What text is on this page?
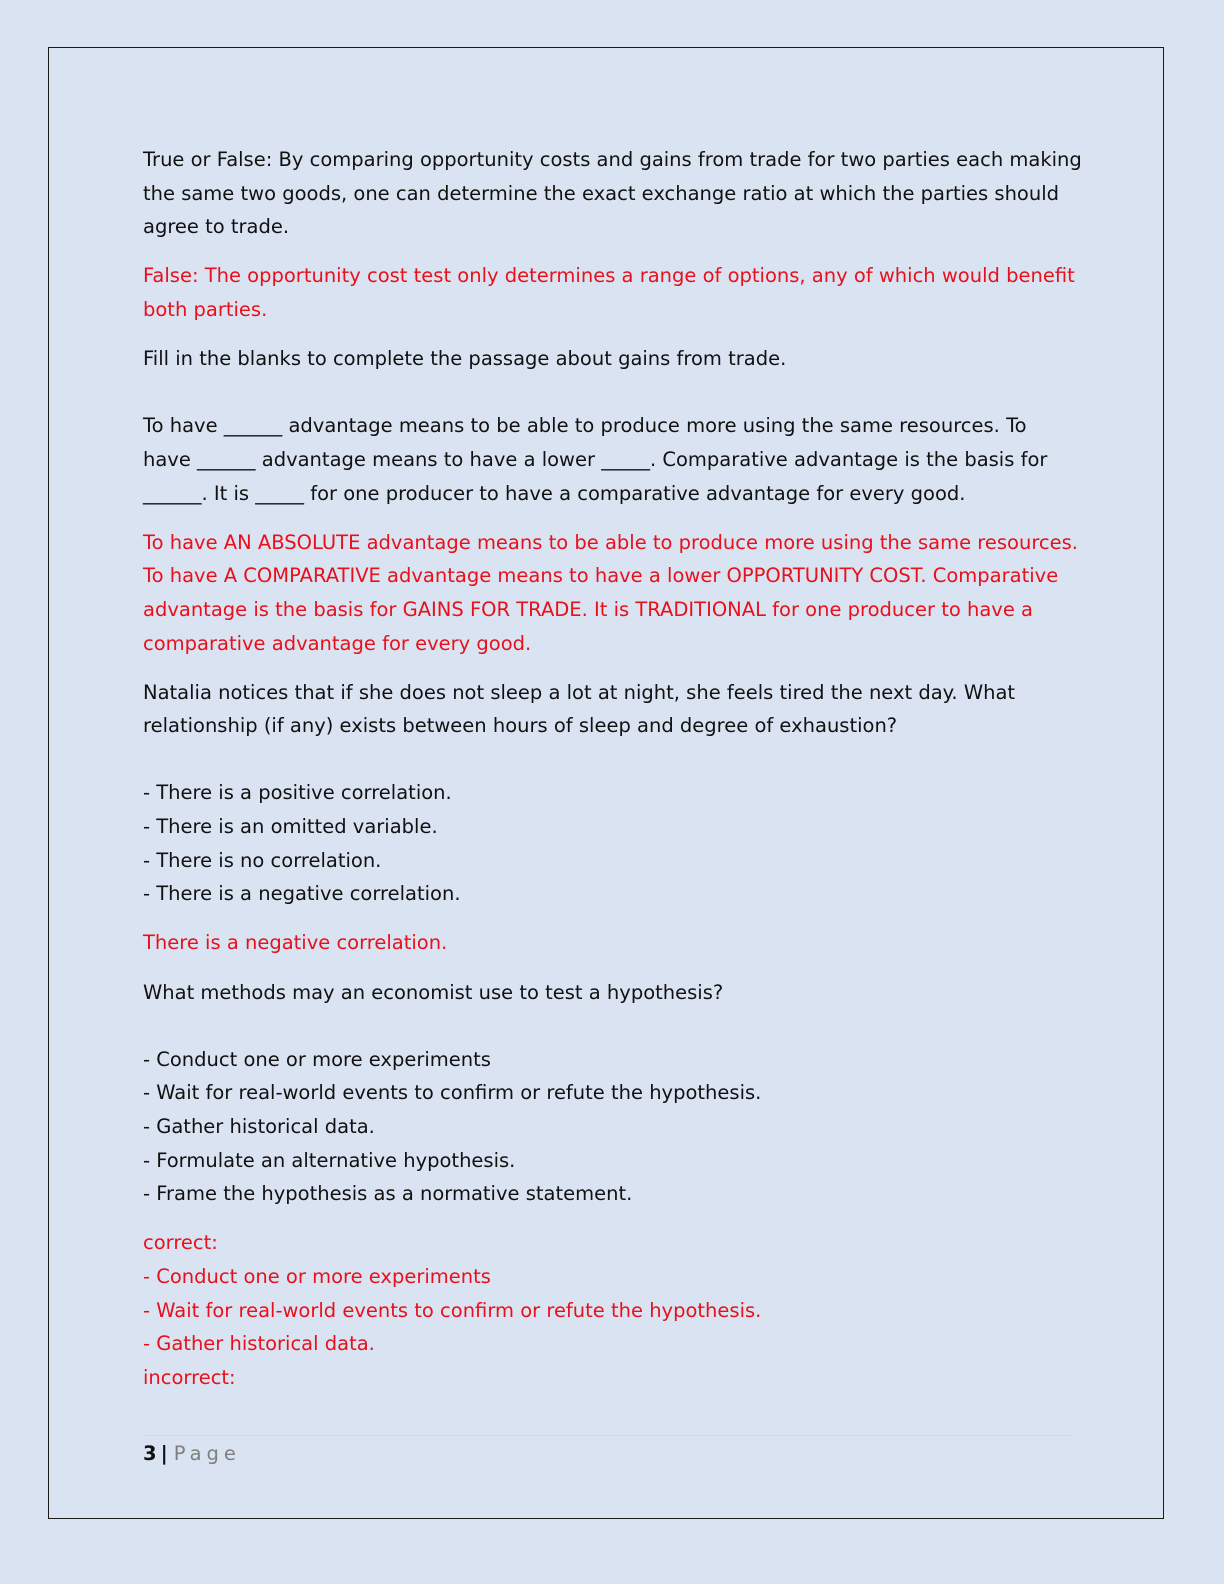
True or False: By comparing opportunity costs and gains from trade for two parties each making
the same two goods, one can determine the exact exchange ratio at which the parties should
agree to trade.
False: The opportunity cost test only determines a range of options, any of which would benefit
both parties.
Fill in the blanks to complete the passage about gains from trade.
To have ______ advantage means to be able to produce more using the same resources. To
have ______ advantage means to have a lower _____. Comparative advantage is the basis for
______. It is _____ for one producer to have a comparative advantage for every good.
To have AN ABSOLUTE advantage means to be able to produce more using the same resources.
To have A COMPARATIVE advantage means to have a lower OPPORTUNITY COST. Comparative
advantage is the basis for GAINS FOR TRADE. It is TRADITIONAL for one producer to have a
comparative advantage for every good.
Natalia notices that if she does not sleep a lot at night, she feels tired the next day. What
relationship (if any) exists between hours of sleep and degree of exhaustion?
- There is a positive correlation.
- There is an omitted variable.
- There is no correlation.
- There is a negative correlation.
There is a negative correlation.
What methods may an economist use to test a hypothesis?
- Conduct one or more experiments
- Wait for real-world events to confirm or refute the hypothesis.
- Gather historical data.
- Formulate an alternative hypothesis.
- Frame the hypothesis as a normative statement.
correct:
- Conduct one or more experiments
- Wait for real-world events to confirm or refute the hypothesis.
- Gather historical data.
incorrect:
3 | Page
